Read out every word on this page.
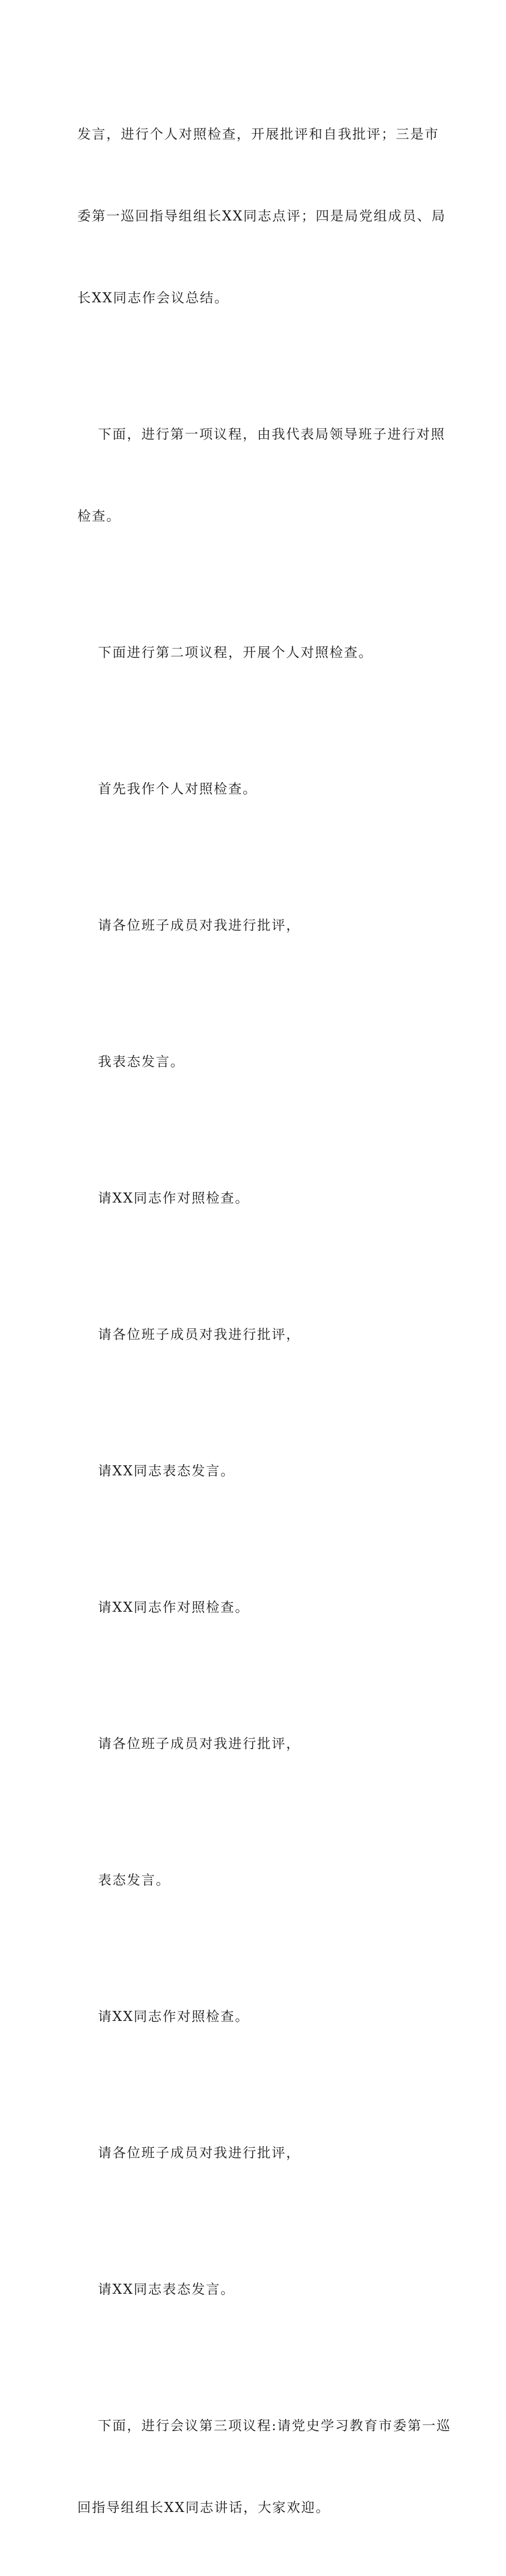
发言，进行个人对照检查，开展批评和自我批评；三是市

委第一巡回指导组组长XX同志点评；四是局党组成员、局

长XX同志作会议总结。

下面，进行第一项议程，由我代表局领导班子进行对照

检查。

下面进行第二项议程，开展个人对照检查。

首先我作个人对照检查。

请各位班子成员对我进行批评，

我表态发言。

请XX同志作对照检查。

请各位班子成员对我进行批评，

请XX同志表态发言。

请XX同志作对照检查。

请各位班子成员对我进行批评，

表态发言。

请XX同志作对照检查。

请各位班子成员对我进行批评，

请XX同志表态发言。

下面，进行会议第三项议程:请党史学习教育市委第一巡

回指导组组长XX同志讲话，大家欢迎。
